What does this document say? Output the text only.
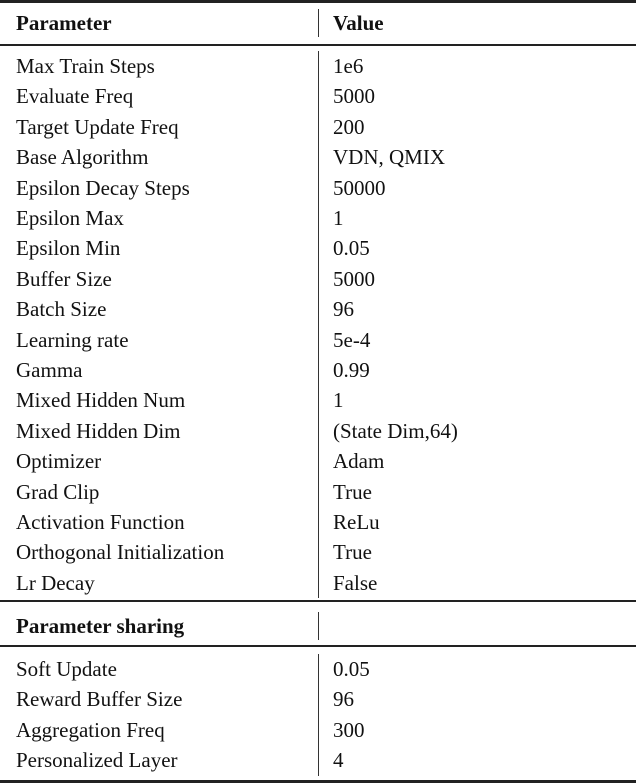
Parameter	Value
Max Train Steps	1e6
Evaluate Freq	5000
Target Update Freq	200
Base Algorithm	VDN, QMIX
Epsilon Decay Steps	50000
Epsilon Max	1
Epsilon Min	0.05
Buffer Size	5000
Batch Size	96
Learning rate	5e-4
Gamma	0.99
Mixed Hidden Num	1
Mixed Hidden Dim	(State Dim,64)
Optimizer	Adam
Grad Clip	True
Activation Function	ReLu
Orthogonal Initialization	True
Lr Decay	False
Parameter sharing
Soft Update	0.05
Reward Buffer Size	96
Aggregation Freq	300
Personalized Layer	4
